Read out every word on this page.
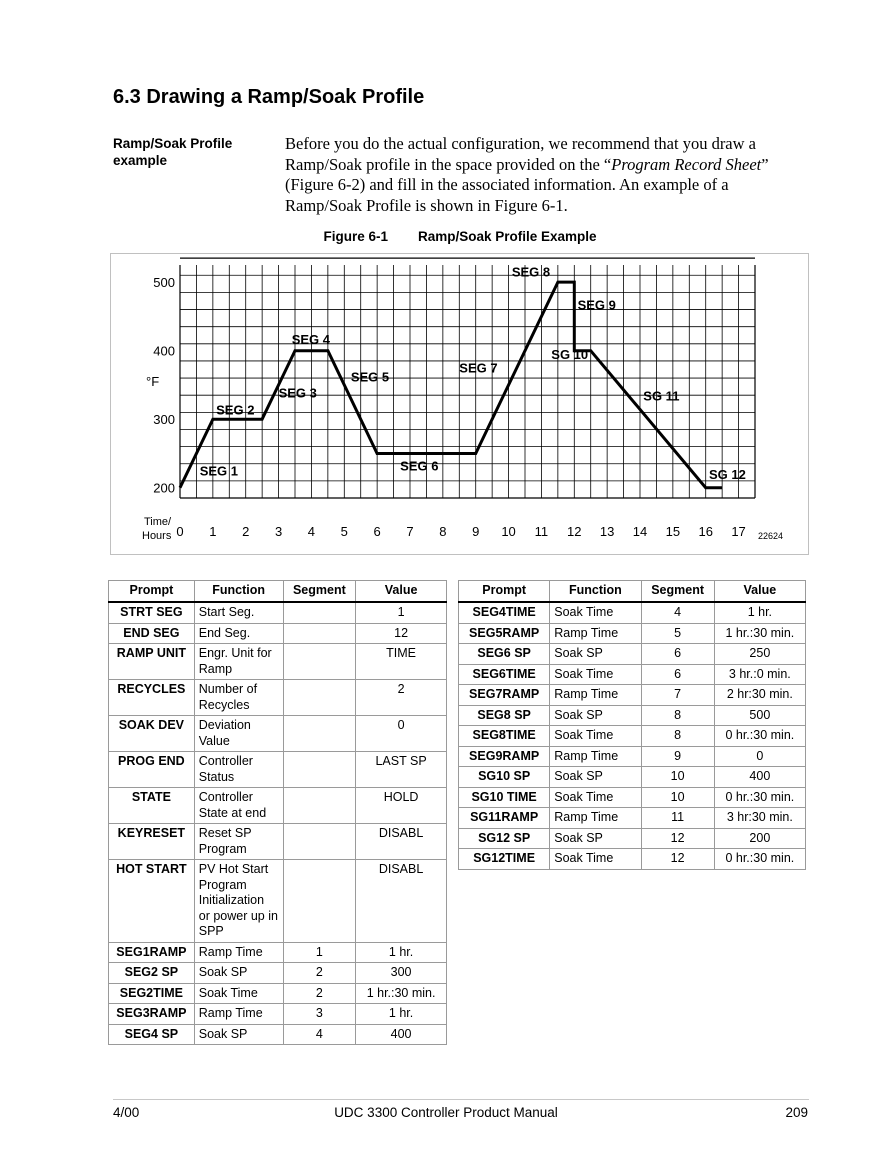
6.3 Drawing a Ramp/Soak Profile
Ramp/Soak Profile example
Before you do the actual configuration, we recommend that you draw a Ramp/Soak profile in the space provided on the “Program Record Sheet” (Figure 6-2) and fill in the associated information. An example of a Ramp/Soak Profile is shown in Figure 6-1.
Figure 6-1        Ramp/Soak Profile Example
0 1 2 3 4 5 6 7 8 9 10 11 12 13 14 15 16 17
200
300
400
500
°F
Time/
Hours	22624
SEG 1
SEG 2
SEG 3
SEG 4
SEG 5
SEG 6
SEG 7
SEG 8
SEG 9
SG 10
SG 11
SG 12
Prompt	Function	Segment	Value
STRT SEG	Start Seg.		1
END SEG	End Seg.		12
RAMP UNIT	Engr. Unit for Ramp		TIME
RECYCLES	Number of Recycles		2
SOAK DEV	Deviation Value		0
PROG END	Controller Status		LAST SP
STATE	Controller State at end		HOLD
KEYRESET	Reset SP Program		DISABL
HOT START	PV Hot Start Program Initialization or power up in SPP		DISABL
SEG1RAMP	Ramp Time	1	1 hr.
SEG2 SP	Soak SP	2	300
SEG2TIME	Soak Time	2	1 hr.:30 min.
SEG3RAMP	Ramp Time	3	1 hr.
SEG4 SP	Soak SP	4	400
Prompt	Function	Segment	Value
SEG4TIME	Soak Time	4	1 hr.
SEG5RAMP	Ramp Time	5	1 hr.:30 min.
SEG6 SP	Soak SP	6	250
SEG6TIME	Soak Time	6	3 hr.:0 min.
SEG7RAMP	Ramp Time	7	2 hr:30 min.
SEG8 SP	Soak SP	8	500
SEG8TIME	Soak Time	8	0 hr.:30 min.
SEG9RAMP	Ramp Time	9	0
SG10 SP	Soak SP	10	400
SG10 TIME	Soak Time	10	0 hr.:30 min.
SG11RAMP	Ramp Time	11	3 hr:30 min.
SG12 SP	Soak SP	12	200
SG12TIME	Soak Time	12	0 hr.:30 min.
4/00	UDC 3300 Controller Product Manual	209
